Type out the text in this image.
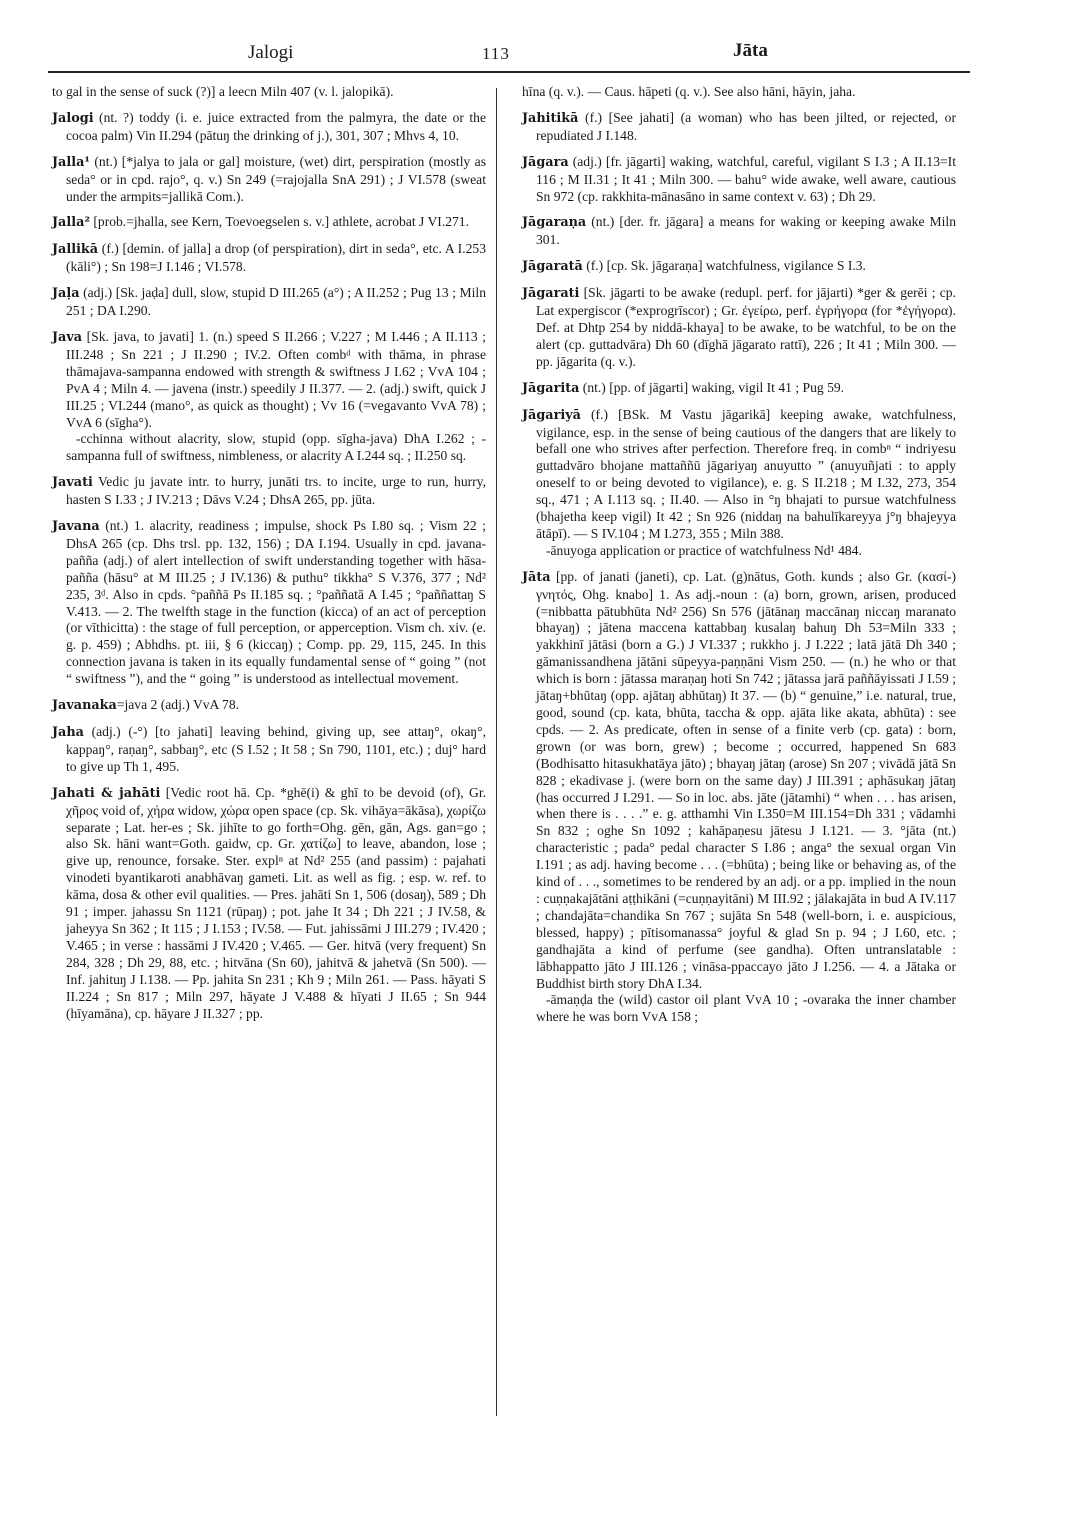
Jalogi	113	Jāta
to gal in the sense of suck (?)] a leecn Miln 407 (v. l. jalopikā).
Jalogi (nt. ?) toddy (i. e. juice extracted from the palmyra, the date or the cocoa palm) Vin II.294 (pātuŋ the drinking of j.), 301, 307 ; Mhvs 4, 10.
Jalla¹ (nt.) [*jalya to jala or gal] moisture, (wet) dirt, perspiration (mostly as seda° or in cpd. rajo°, q. v.) Sn 249 (=rajojalla SnA 291) ; J VI.578 (sweat under the armpits=jallikā Com.).
Jalla² [prob.=jhalla, see Kern, Toevoegselen s. v.] athlete, acrobat J VI.271.
Jallikā (f.) [demin. of jalla] a drop (of perspiration), dirt in seda°, etc. A I.253 (kāli°) ; Sn 198=J I.146 ; VI.578.
Jaḷa (adj.) [Sk. jaḍa] dull, slow, stupid D III.265 (a°) ; A II.252 ; Pug 13 ; Miln 251 ; DA I.290.
Java [Sk. java, to javati] 1. (n.) speed S II.266 ; V.227 ; M I.446 ; A II.113 ; III.248 ; Sn 221 ; J II.290 ; IV.2. Often combᵈ with thāma, in phrase thāmajava-sampanna endowed with strength & swiftness J I.62 ; VvA 104 ; PvA 4 ; Miln 4. — javena (instr.) speedily J II.377. — 2. (adj.) swift, quick J III.25 ; VI.244 (mano°, as quick as thought) ; Vv 16 (=vegavanto VvA 78) ; VvA 6 (sīgha°).
-cchinna without alacrity, slow, stupid (opp. sīgha-java) DhA I.262 ; -sampanna full of swiftness, nimbleness, or alacrity A I.244 sq. ; II.250 sq.
Javati Vedic ju javate intr. to hurry, junāti trs. to incite, urge to run, hurry, hasten S I.33 ; J IV.213 ; Dāvs V.24 ; DhsA 265, pp. jūta.
Javana (nt.) 1. alacrity, readiness ; impulse, shock Ps I.80 sq. ; Vism 22 ; DhsA 265 (cp. Dhs trsl. pp. 132, 156) ; DA I.194. Usually in cpd. javana-pañña (adj.) of alert intellection of swift understanding together with hāsa-pañña (hāsu° at M III.25 ; J IV.136) & puthu° tikkha° S V.376, 377 ; Nd² 235, 3ᵈ. Also in cpds. °paññā Ps II.185 sq. ; °paññatā A I.45 ; °paññattaŋ S V.413. — 2. The twelfth stage in the function (kicca) of an act of perception (or vīthicitta) : the stage of full perception, or apperception. Vism ch. xiv. (e. g. p. 459) ; Abhdhs. pt. iii, § 6 (kiccaŋ) ; Comp. pp. 29, 115, 245. In this connection javana is taken in its equally fundamental sense of “ going ” (not “ swiftness ”), and the “ going ” is understood as intellectual movement.
Javanaka=java 2 (adj.) VvA 78.
Jaha (adj.) (-°) [to jahati] leaving behind, giving up, see attaŋ°, okaŋ°, kappaŋ°, raṇaŋ°, sabbaŋ°, etc (S I.52 ; It 58 ; Sn 790, 1101, etc.) ; duj° hard to give up Th 1, 495.
Jahati & jahāti [Vedic root hā. Cp. *ghē(i) & ghī to be devoid (of), Gr. χῆρος void of, χήρα widow, χώρα open space (cp. Sk. vihāya=ākāsa), χωρίζω separate ; Lat. her-es ; Sk. jihīte to go forth=Ohg. gēn, gān, Ags. gan=go ; also Sk. hāni want=Goth. gaidw, cp. Gr. χατίζω] to leave, abandon, lose ; give up, renounce, forsake. Ster. explⁿ at Nd² 255 (and passim) : pajahati vinodeti byantikaroti anabhāvaŋ gameti. Lit. as well as fig. ; esp. w. ref. to kāma, dosa & other evil qualities. — Pres. jahāti Sn 1, 506 (dosaŋ), 589 ; Dh 91 ; imper. jahassu Sn 1121 (rūpaŋ) ; pot. jahe It 34 ; Dh 221 ; J IV.58, & jaheyya Sn 362 ; It 115 ; J I.153 ; IV.58. — Fut. jahissāmi J III.279 ; IV.420 ; V.465 ; in verse : hassāmi J IV.420 ; V.465. — Ger. hitvā (very frequent) Sn 284, 328 ; Dh 29, 88, etc. ; hitvāna (Sn 60), jahitvā & jahetvā (Sn 500). — Inf. jahituŋ J I.138. — Pp. jahita Sn 231 ; Kh 9 ; Miln 261. — Pass. hāyati S II.224 ; Sn 817 ; Miln 297, hāyate J V.488 & hīyati J II.65 ; Sn 944 (hīyamāna), cp. hāyare J II.327 ; pp.
hīna (q. v.). — Caus. hāpeti (q. v.). See also hāni, hāyin, jaha.
Jahitikā (f.) [See jahati] (a woman) who has been jilted, or rejected, or repudiated J I.148.
Jāgara (adj.) [fr. jāgarti] waking, watchful, careful, vigilant S I.3 ; A II.13=It 116 ; M II.31 ; It 41 ; Miln 300. — bahu° wide awake, well aware, cautious Sn 972 (cp. rakkhita-mānasāno in same context v. 63) ; Dh 29.
Jāgaraṇa (nt.) [der. fr. jāgara] a means for waking or keeping awake Miln 301.
Jāgaratā (f.) [cp. Sk. jāgaraṇa] watchfulness, vigilance S I.3.
Jāgarati [Sk. jāgarti to be awake (redupl. perf. for jājarti) *ger & gerēi ; cp. Lat expergiscor (*exprogrīscor) ; Gr. ἐγείρω, perf. ἐγρήγορα (for *ἐγήγορα). Def. at Dhtp 254 by niddā-khaya] to be awake, to be watchful, to be on the alert (cp. guttadvāra) Dh 60 (dīghā jāgarato rattī), 226 ; It 41 ; Miln 300. — pp. jāgarita (q. v.).
Jāgarita (nt.) [pp. of jāgarti] waking, vigil It 41 ; Pug 59.
Jāgariyā (f.) [BSk. M Vastu jāgarikā] keeping awake, watchfulness, vigilance, esp. in the sense of being cautious of the dangers that are likely to befall one who strives after perfection. Therefore freq. in combⁿ “ indriyesu guttadvāro bhojane mattaññū jāgariyaŋ anuyutto ” (anuyuñjati : to apply oneself to or being devoted to vigilance), e. g. S II.218 ; M I.32, 273, 354 sq., 471 ; A I.113 sq. ; II.40. — Also in °ŋ bhajati to pursue watchfulness (bhajetha keep vigil) It 42 ; Sn 926 (niddaŋ na bahulīkareyya j°ŋ bhajeyya ātāpī). — S IV.104 ; M I.273, 355 ; Miln 388.
-ānuyoga application or practice of watchfulness Nd¹ 484.
Jāta [pp. of janati (janeti), cp. Lat. (g)nātus, Goth. kunds ; also Gr. (κασί-) γνητός, Ohg. knabo] 1. As adj.-noun : (a) born, grown, arisen, produced (=nibbatta pātubhūta Nd² 256) Sn 576 (jātānaŋ maccānaŋ niccaŋ maranato bhayaŋ) ; jātena maccena kattabbaŋ kusalaŋ bahuŋ Dh 53=Miln 333 ; yakkhinī jātāsi (born a G.) J VI.337 ; rukkho j. J I.222 ; latā jātā Dh 340 ; gāmanissandhena jātāni sūpeyya-paṇṇāni Vism 250. — (n.) he who or that which is born : jātassa maraṇaŋ hoti Sn 742 ; jātassa jarā paññāyissati J I.59 ; jātaŋ+bhūtaŋ (opp. ajātaŋ abhūtaŋ) It 37. — (b) “ genuine,” i.e. natural, true, good, sound (cp. kata, bhūta, taccha & opp. ajāta like akata, abhūta) : see cpds. — 2. As predicate, often in sense of a finite verb (cp. gata) : born, grown (or was born, grew) ; become ; occurred, happened Sn 683 (Bodhisatto hitasukhatāya jāto) ; bhayaŋ jātaŋ (arose) Sn 207 ; vivādā jātā Sn 828 ; ekadivase j. (were born on the same day) J III.391 ; aphāsukaŋ jātaŋ (has occurred J I.291. — So in loc. abs. jāte (jātamhi) “ when . . . has arisen, when there is . . . .” e. g. atthamhi Vin I.350=M III.154=Dh 331 ; vādamhi Sn 832 ; oghe Sn 1092 ; kahāpaṇesu jātesu J I.121. — 3. °jāta (nt.) characteristic ; pada° pedal character S I.86 ; anga° the sexual organ Vin I.191 ; as adj. having become . . . (=bhūta) ; being like or behaving as, of the kind of . . ., sometimes to be rendered by an adj. or a pp. implied in the noun : cuṇṇakajātāni aṭṭhikāni (=cuṇṇayitāni) M III.92 ; jālakajāta in bud A IV.117 ; chandajāta=chandika Sn 767 ; sujāta Sn 548 (well-born, i. e. auspicious, blessed, happy) ; pītisomanassa° joyful & glad Sn p. 94 ; J I.60, etc. ; gandhajāta a kind of perfume (see gandha). Often untranslatable : lābhappatto jāto J III.126 ; vināsa-ppaccayo jāto J I.256. — 4. a Jātaka or Buddhist birth story DhA I.34.
-āmaṇḍa the (wild) castor oil plant VvA 10 ; -ovaraka the inner chamber where he was born VvA 158 ;
